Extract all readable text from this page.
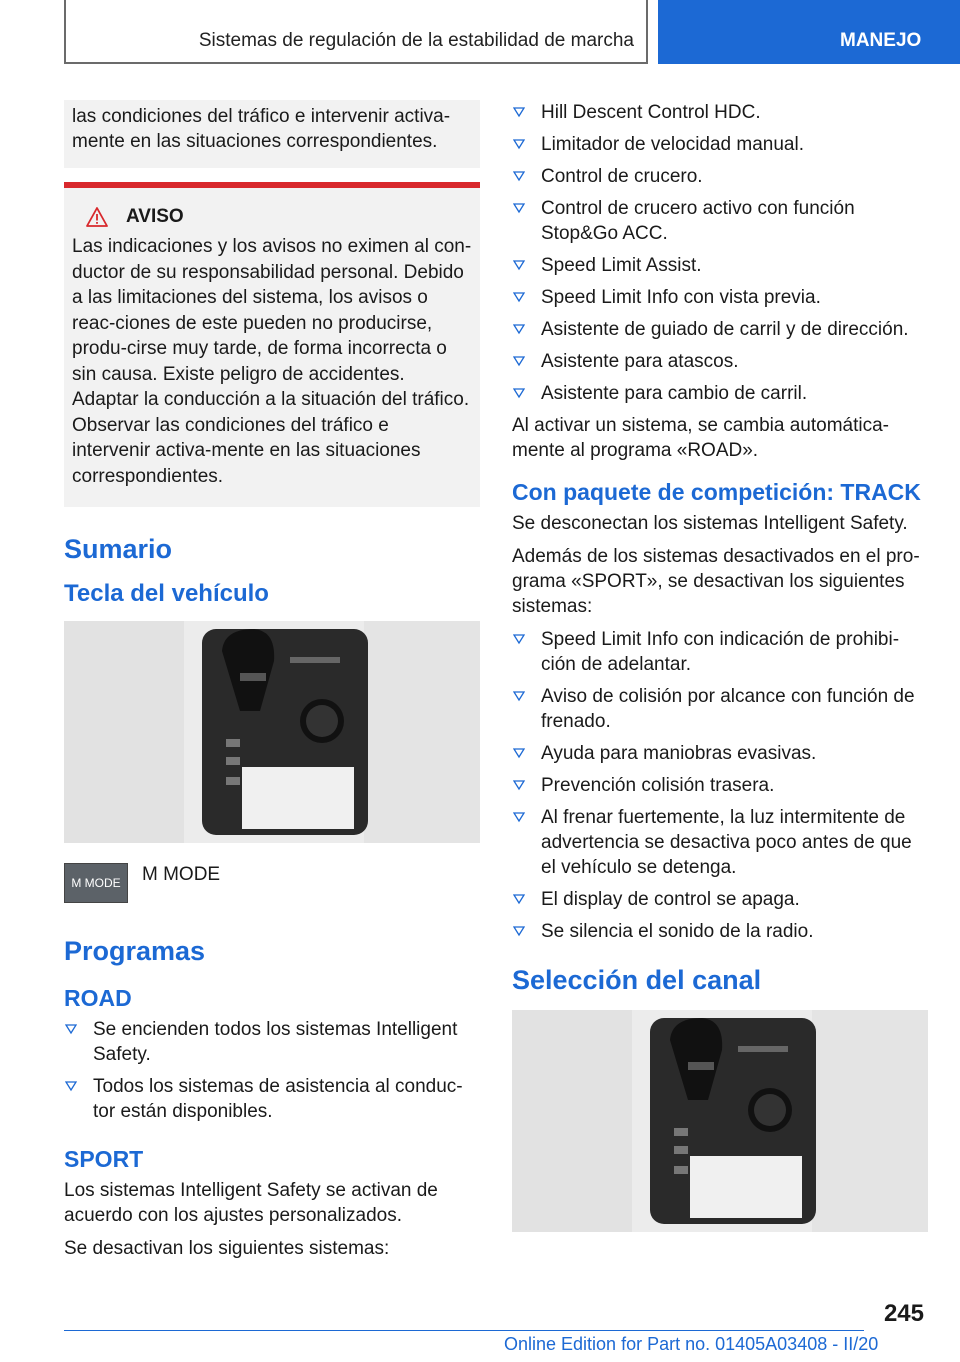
Sistemas de regulación de la estabilidad de marcha	MANEJO

las condiciones del tráfico e intervenir activa-mente en las situaciones correspondientes.

AVISO

Las indicaciones y los avisos no eximen al con-ductor de su responsabilidad personal. Debido a las limitaciones del sistema, los avisos o reac-ciones de este pueden no producirse, produ-cirse muy tarde, de forma incorrecta o sin causa. Existe peligro de accidentes. Adaptar la conducción a la situación del tráfico. Observar las condiciones del tráfico e intervenir activa-mente en las situaciones correspondientes.

Sumario
Tecla del vehículo
M MODE	M MODE
Programas
ROAD
Se encienden todos los sistemas Intelligent Safety.
Todos los sistemas de asistencia al conduc-tor están disponibles.
SPORT

Los sistemas Intelligent Safety se activan de acuerdo con los ajustes personalizados.

Se desactivan los siguientes sistemas:

Hill Descent Control HDC.
Limitador de velocidad manual.
Control de crucero.
Control de crucero activo con función Stop&Go ACC.
Speed Limit Assist.
Speed Limit Info con vista previa.
Asistente de guiado de carril y de dirección.
Asistente para atascos.
Asistente para cambio de carril.

Al activar un sistema, se cambia automática-mente al programa «ROAD».

Con paquete de competición: TRACK

Se desconectan los sistemas Intelligent Safety.

Además de los sistemas desactivados en el pro-grama «SPORT», se desactivan los siguientes sistemas:

Speed Limit Info con indicación de prohibi-ción de adelantar.
Aviso de colisión por alcance con función de frenado.
Ayuda para maniobras evasivas.
Prevención colisión trasera.
Al frenar fuertemente, la luz intermitente de advertencia se desactiva poco antes de que el vehículo se detenga.
El display de control se apaga.
Se silencia el sonido de la radio.
Selección del canal
245
Online Edition for Part no. 01405A03408 - II/20
